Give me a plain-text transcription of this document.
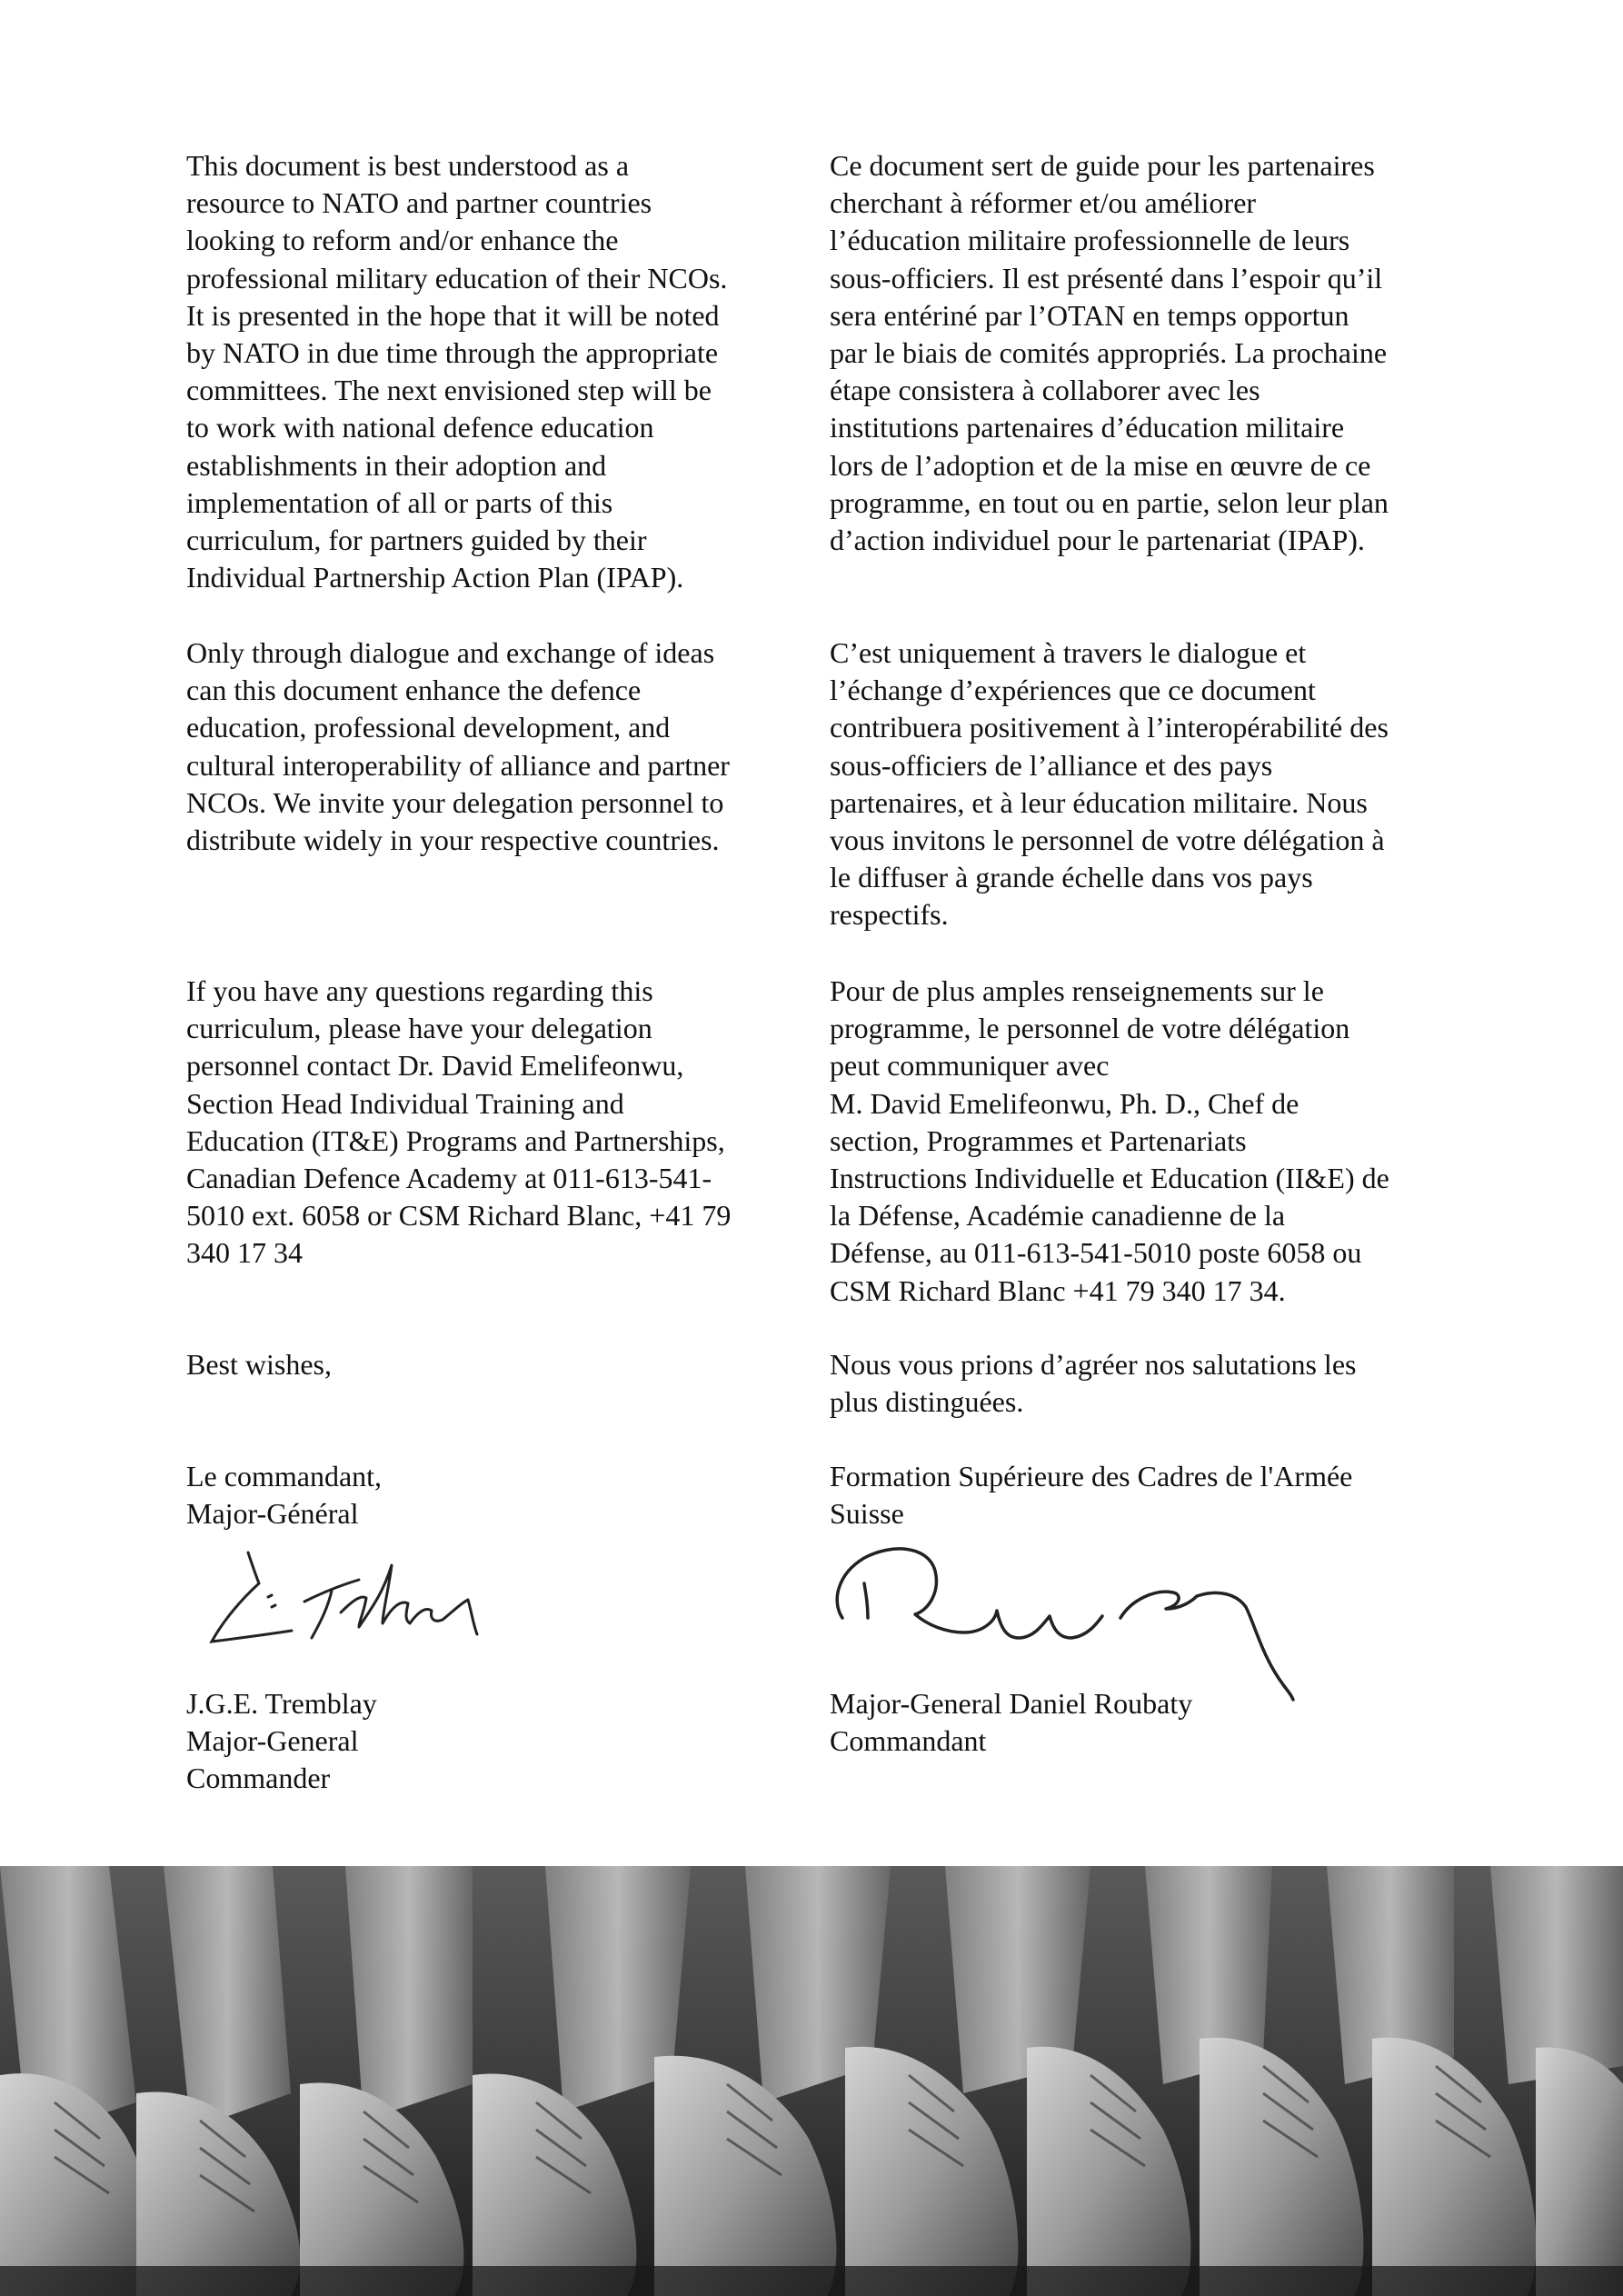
This document is best understood as a
resource to NATO and partner countries
looking to reform and/or enhance the
professional military education of their NCOs.
It is presented in the hope that it will be noted
by NATO in due time through the appropriate
committees. The next envisioned step will be
to work with national defence education
establishments in their adoption and
implementation of all or parts of this
curriculum, for partners guided by their
Individual Partnership Action Plan (IPAP).

Only through dialogue and exchange of ideas
can this document enhance the defence
education, professional development, and
cultural interoperability of alliance and partner
NCOs. We invite your delegation personnel to
distribute widely in your respective countries.

If you have any questions regarding this
curriculum, please have your delegation
personnel contact Dr. David Emelifeonwu,
Section Head Individual Training and
Education (IT&E) Programs and Partnerships,
Canadian Defence Academy at 011-613-541-
5010 ext. 6058 or CSM Richard Blanc, +41 79
340 17 34

Best wishes,

Le commandant,
Major-Général

J.G.E. Tremblay
Major-General
Commander

Ce document sert de guide pour les partenaires
cherchant à réformer et/ou améliorer
l’éducation militaire professionnelle de leurs
sous-officiers. Il est présenté dans l’espoir qu’il
sera entériné par l’OTAN en temps opportun
par le biais de comités appropriés. La prochaine
étape consistera à collaborer avec les
institutions partenaires d’éducation militaire
lors de l’adoption et de la mise en œuvre de ce
programme, en tout ou en partie, selon leur plan
d’action individuel pour le partenariat (IPAP).

C’est uniquement à travers le dialogue et
l’échange d’expériences que ce document
contribuera positivement à l’interopérabilité des
sous-officiers de l’alliance et des pays
partenaires, et à leur éducation militaire. Nous
vous invitons le personnel de votre délégation à
le diffuser à grande échelle dans vos pays
respectifs.

Pour de plus amples renseignements sur le
programme, le personnel de votre délégation
peut communiquer avec
M. David Emelifeonwu, Ph. D., Chef de
section, Programmes et Partenariats
Instructions Individuelle et Education (II&E) de
la Défense, Académie canadienne de la
Défense, au 011-613-541-5010 poste 6058 ou
CSM Richard Blanc +41 79 340 17 34.

Nous vous prions d’agréer nos salutations les
plus distinguées.

Formation Supérieure des Cadres de l'Armée
Suisse

Major-General Daniel Roubaty
Commandant
